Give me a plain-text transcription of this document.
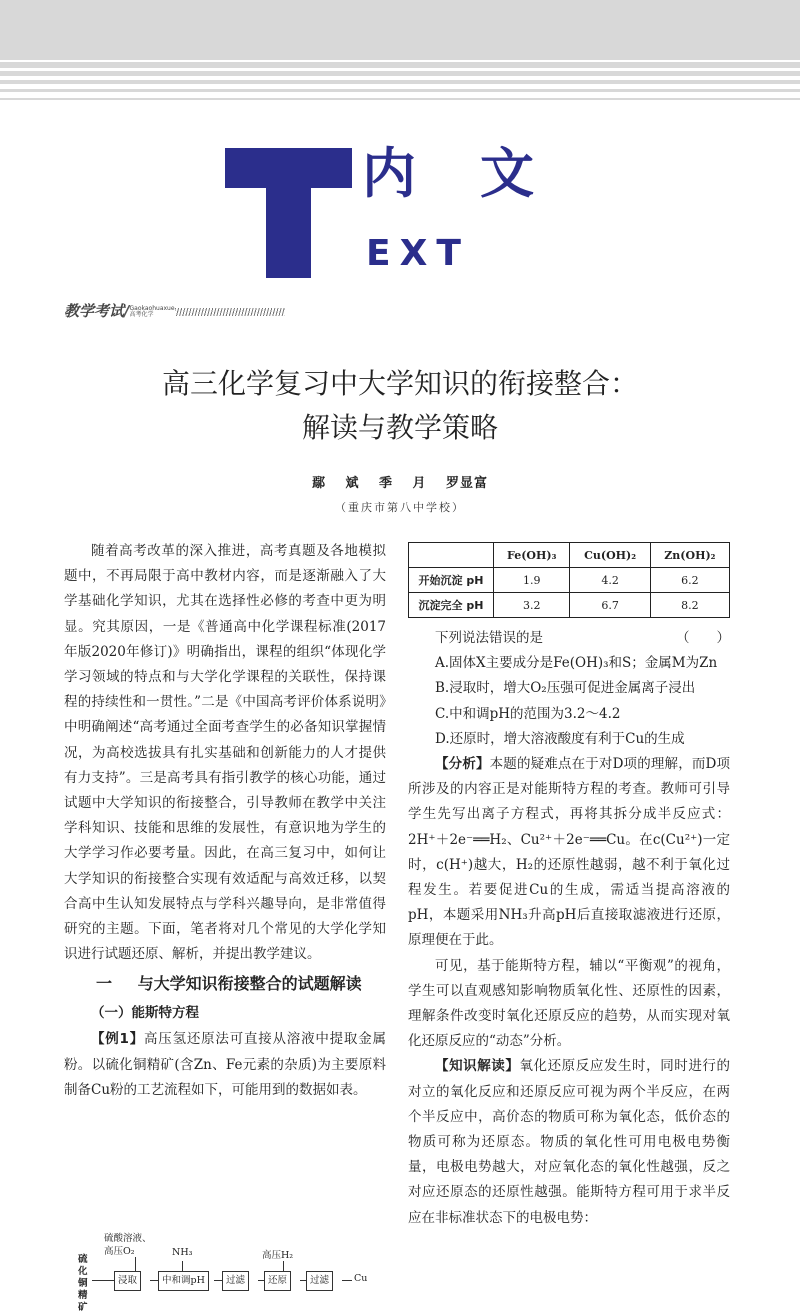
内文
EXT
教学考试/Gaokaohuaxue
高考化学
高三化学复习中大学知识的衔接整合：
解读与教学策略
鄢 斌 季 月 罗显富
（重庆市第八中学校）

随着高考改革的深入推进，高考真题及各地模拟题中，不再局限于高中教材内容，而是逐渐融入了大学基础化学知识，尤其在选择性必修的考查中更为明显。究其原因，一是《普通高中化学课程标准(2017年版2020年修订)》明确指出，课程的组织“体现化学学习领域的特点和与大学化学课程的关联性，保持课程的持续性和一贯性。”二是《中国高考评价体系说明》中明确阐述“高考通过全面考查学生的必备知识掌握情况，为高校选拔具有扎实基础和创新能力的人才提供有力支持”。三是高考具有指引教学的核心功能，通过试题中大学知识的衔接整合，引导教师在教学中关注学科知识、技能和思维的发展性，有意识地为学生的大学学习作必要考量。因此，在高三复习中，如何让大学知识的衔接整合实现有效适配与高效迁移，以契合高中生认知发展特点与学科兴趣导向，是非常值得研究的主题。下面，笔者将对几个常见的大学化学知识进行试题还原、解析，并提出教学建议。

一 与大学知识衔接整合的试题解读
（一）能斯特方程

【例1】高压氢还原法可直接从溶液中提取金属粉。以硫化铜精矿(含Zn、Fe元素的杂质)为主要原料制备Cu粉的工艺流程如下，可能用到的数据如表。

硫酸溶液、
高压O₂	NH₃	高压H₂
硫化铜精矿
浸取	中和调pH	过滤	还原	过滤	Cu
	Fe(OH)₃	Cu(OH)₂	Zn(OH)₂
开始沉淀 pH	1.9	4.2	6.2
沉淀完全 pH	3.2	6.7	8.2
下列说法错误的是	（　　）

A.固体X主要成分是Fe(OH)₃和S；金属M为Zn

B.浸取时，增大O₂压强可促进金属离子浸出

C.中和调pH的范围为3.2～4.2

D.还原时，增大溶液酸度有利于Cu的生成

【分析】本题的疑难点在于对D项的理解，而D项所涉及的内容正是对能斯特方程的考查。教师可引导学生先写出离子方程式，再将其拆分成半反应式：2H⁺＋2e⁻══H₂、Cu²⁺＋2e⁻══Cu。在c(Cu²⁺)一定时，c(H⁺)越大，H₂的还原性越弱，越不利于氧化过程发生。若要促进Cu的生成，需适当提高溶液的pH，本题采用NH₃升高pH后直接取滤液进行还原，原理便在于此。

可见，基于能斯特方程，辅以“平衡观”的视角，学生可以直观感知影响物质氧化性、还原性的因素，理解条件改变时氧化还原反应的趋势，从而实现对氧化还原反应的“动态”分析。

【知识解读】氧化还原反应发生时，同时进行的对立的氧化反应和还原反应可视为两个半反应，在两个半反应中，高价态的物质可称为氧化态，低价态的物质可称为还原态。物质的氧化性可用电极电势衡量，电极电势越大，对应氧化态的氧化性越强，反之对应还原态的还原性越强。能斯特方程可用于求半反应在非标准状态下的电极电势：
